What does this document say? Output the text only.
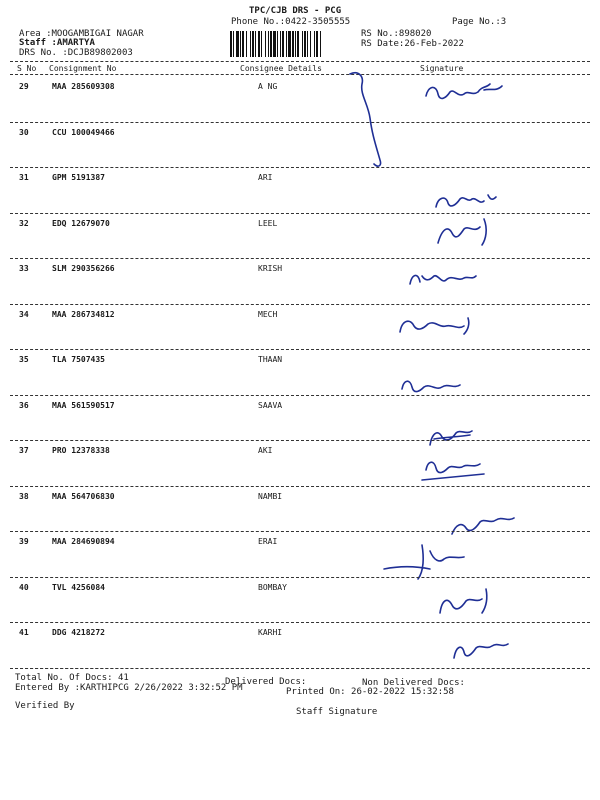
TPC/CJB DRS - PCG
Phone No.:0422-3505555	Page No.:3
Area :MOOGAMBIGAI NAGAR
Staff :AMARTYA
DRS No. :DCJB89802003
RS No.:898020
RS Date:26-Feb-2022
S No Consignment No	Consignee Details	Signature
29	MAA 285609308	A NG
30	CCU 100049466
31	GPM 5191387	ARI
32	EDQ 12679070	LEEL
33	SLM 290356266	KRISH
34	MAA 286734812	MECH
35	TLA 7507435	THAAN
36	MAA 561590517	SAAVA
37	PRO 12378338	AKI
38	MAA 564706830	NAMBI
39	MAA 284690894	ERAI
40	TVL 4256084	BOMBAY
41	DDG 4218272	KARHI
Total No. Of Docs: 41	Delivered Docs:	Non Delivered Docs:
Entered By :KARTHIPCG 2/26/2022 3:32:52 PM	Printed On: 26-02-2022 15:32:58
Verified By
Staff Signature
